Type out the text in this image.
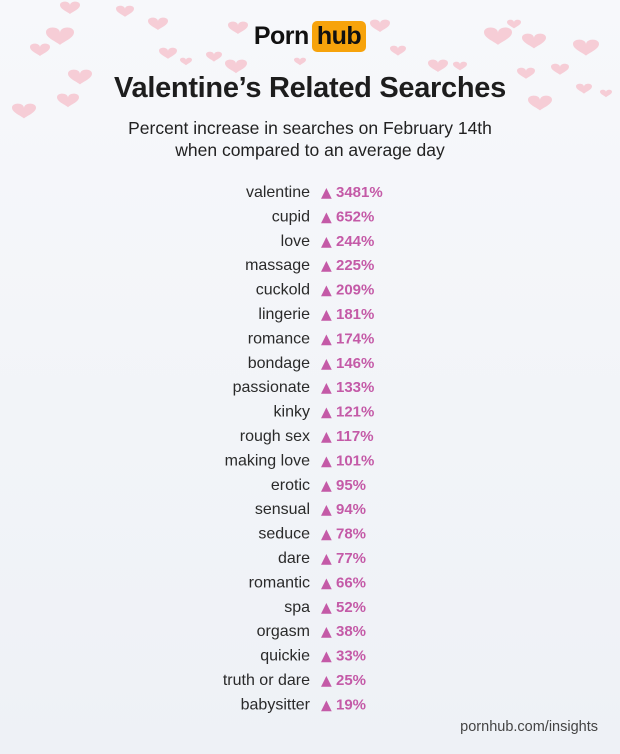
Porn hub
Valentine’s Related Searches
Percent increase in searches on February 14th
when compared to an average day
valentine ▲ 3481%
cupid ▲ 652%
love ▲ 244%
massage ▲ 225%
cuckold ▲ 209%
lingerie ▲ 181%
romance ▲ 174%
bondage ▲ 146%
passionate ▲ 133%
kinky ▲ 121%
rough sex ▲ 117%
making love ▲ 101%
erotic ▲ 95%
sensual ▲ 94%
seduce ▲ 78%
dare ▲ 77%
romantic ▲ 66%
spa ▲ 52%
orgasm ▲ 38%
quickie ▲ 33%
truth or dare ▲ 25%
babysitter ▲ 19%
pornhub.com/insights
